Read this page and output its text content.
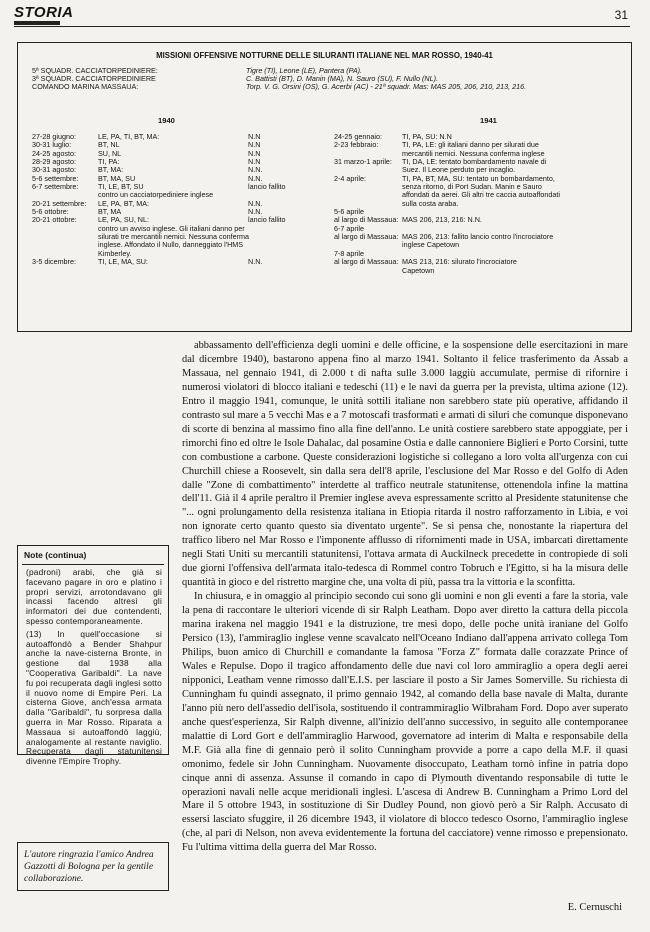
STORIA	31
MISSIONI OFFENSIVE NOTTURNE DELLE SILURANTI ITALIANE NEL MAR ROSSO, 1940-41
5ª SQUADR. CACCIATORPEDINIERE:	Tigre (TI), Leone (LE), Pantera (PA).
3ª SQUADR. CACCIATORPEDINIERE	C. Battisti (BT), D. Manin (MA), N. Sauro (SU), F. Nullo (NL).
COMANDO MARINA MASSAUA:	Torp. V. G. Orsini (OS), G. Acerbi (AC) - 21ª squadr. Mas: MAS 205, 206, 210, 213, 216.
1940	1941
27-28 giugno:	LE, PA, TI, BT, MA:	N.N
30-31 luglio:	BT, NL	N.N
24-25 agosto:	SU, NL	N.N
28-29 agosto:	TI, PA:	N.N
30-31 agosto:	BT, MA:	N.N.
5-6 settembre:	BT, MA, SU	N.N.
6-7 settembre:	TI, LE, BT, SU	lancio fallito
contro un cacciatorpediniere inglese
20-21 settembre: LE, PA, BT, MA:	N.N.
5-6 ottobre:	BT, MA	N.N.
20-21 ottobre:	LE, PA, SU, NL:	lancio fallito
contro un avviso inglese. Gli italiani danno per
silurati tre mercantili nemici. Nessuna conferma
inglese. Affondato il Nullo, danneggiato l'HMS
Kimberley.
3-5 dicembre:	TI, LE, MA, SU:	N.N.
24-25 gennaio:	TI, PA, SU: N.N
2-23 febbraio:	TI, PA, LE: gli italiani danno per silurati due
mercantili nemici. Nessuna conferma inglese
31 marzo-1 aprile: TI, DA, LE: tentato bombardamento navale di
Suez. Il Leone perduto per incaglio.
2-4 aprile:	TI, PA, BT, MA, SU: tentato un bombardamento,
senza ritorno, di Port Sudan. Manin e Sauro
affondati da aerei. Gli altri tre caccia autoaffondati
sulla costa araba.
5-6 aprile
al largo di Massaua: MAS 206, 213, 216: N.N.
6-7 aprile
al largo di Massaua: MAS 206, 213: fallito lancio contro l'incrociatore
inglese Capetown
7-8 aprile
al largo di Massaua: MAS 213, 216: silurato l'incrociatore
Capetown

abbassamento dell'efficienza degli uomini e delle officine, e la sospensione delle esercitazioni in mare dal dicembre 1940), bastarono appena fino al marzo 1941. Soltanto il felice trasferimento da Assab a Massaua, nel gennaio 1941, di 2.000 t di nafta sulle 3.000 laggiù accumulate, permise di rifornire i numerosi violatori di blocco italiani e tedeschi (11) e le navi da guerra per la prevista, ultima azione (12). Entro il maggio 1941, comunque, le unità sottili italiane non sarebbero state più operative, affidando il contrasto sul mare a 5 vecchi Mas e a 7 motoscafi trasformati e armati di siluri che comunque disponevano di scorte di benzina al massimo fino alla fine dell'anno. Le unità costiere sarebbero state appoggiate, per i rimorchi fino ed oltre le Isole Dahalac, dal posamine Ostia e dalle cannoniere Biglieri e Porto Corsini, tutte con combustione a carbone. Queste considerazioni logistiche si collegano a loro volta all'urgenza con cui Churchill chiese a Roosevelt, sin dalla sera dell'8 aprile, l'esclusione del Mar Rosso e del Golfo di Aden dalle "Zone di combattimento" interdette al traffico neutrale statunitense, ottenendola infine la mattina dell'11. Già il 4 aprile peraltro il Premier inglese aveva espressamente scritto al Presidente statunitense che "... ogni prolungamento della resistenza italiana in Etiopia ritarda il nostro rafforzamento in Libia, e voi non ignorate certo quanto questo sia diventato urgente". Se si pensa che, nonostante la riapertura del traffico libero nel Mar Rosso e l'imponente afflusso di rifornimenti made in USA, imbarcati direttamente negli Stati Uniti su mercantili statunitensi, l'ottava armata di Auckilneck precedette in contropiede di soli due giorni l'offensiva dell'armata italo-tedesca di Rommel contro Tobruch e l'Egitto, si ha la misura delle quantità in gioco e del ristretto margine che, una volta di più, passa tra la vittoria e la sconfitta.

In chiusura, e in omaggio al principio secondo cui sono gli uomini e non gli eventi a fare la storia, vale la pena di raccontare le ulteriori vicende di sir Ralph Leatham. Dopo aver diretto la cattura della piccola marina irakena nel maggio 1941 e la distruzione, tre mesi dopo, delle poche unità iraniane del Golfo Persico (13), l'ammiraglio inglese venne scavalcato nell'Oceano Indiano dall'appena arrivato collega Tom Philips, buon amico di Churchill e comandante la famosa "Forza Z" formata dalle corazzate Prince of Wales e Repulse. Dopo il tragico affondamento delle due navi col loro ammiraglio a opera degli aerei nipponici, Leatham venne rimosso dall'E.I.S. per lasciare il posto a Sir James Somerville. Su richiesta di Cunningham fu quindi assegnato, il primo gennaio 1942, al comando della base navale di Malta, durante l'anno più nero dell'assedio dell'isola, sostituendo il contrammiraglio Wilbraham Ford. Dopo aver superato anche quest'esperienza, Sir Ralph divenne, all'inizio dell'anno successivo, in seguito alle contemporanee malattie di Lord Gort e dell'ammiraglio Harwood, governatore ad interim di Malta e responsabile della M.F. Già alla fine di gennaio però il solito Cunningham provvide a porre a capo della M.F. il quasi omonimo, fedele sir John Cunningham. Nuovamente disoccupato, Leatham tornò infine in patria dopo cinque anni di assenza. Assunse il comando in capo di Plymouth diventando responsabile di tutte le operazioni navali nelle acque meridionali inglesi. L'ascesa di Andrew B. Cunningham a Primo Lord del Mare il 5 ottobre 1943, in sostituzione di Sir Dudley Pound, non giovò però a Sir Ralph. Accusato di essersi lasciato sfuggire, il 26 dicembre 1943, il violatore di blocco tedesco Osorno, l'ammiraglio inglese (che, al pari di Nelson, non aveva evidentemente la fortuna del cacciatore) venne rimosso e prepensionato. Fu l'ultima vittima della guerra del Mar Rosso.

E. Cernuschi
Note (continua)

(padroni) arabi, che già si facevano pagare in oro e platino i propri servizi, arrotondavano gli incassi facendo altresì gli informatori dei due contendenti, spesso contemporaneamente.

(13) In quell'occasione si autoaffondò a Bender Shahpur anche la nave-cisterna Bronte, in gestione dal 1938 alla "Cooperativa Garibaldi". La nave fu poi recuperata dagli inglesi sotto il nuovo nome di Empire Peri. La cisterna Giove, anch'essa armata dalla "Garibaldi", fu sorpresa dalla guerra in Mar Rosso. Riparata a Massaua si autoaffondò laggiù, analogamente al restante naviglio. Recuperata dagli statunitensi divenne l'Empire Trophy.

L'autore ringrazia l'amico Andrea Gazzotti di Bologna per la gentile collaborazione.
